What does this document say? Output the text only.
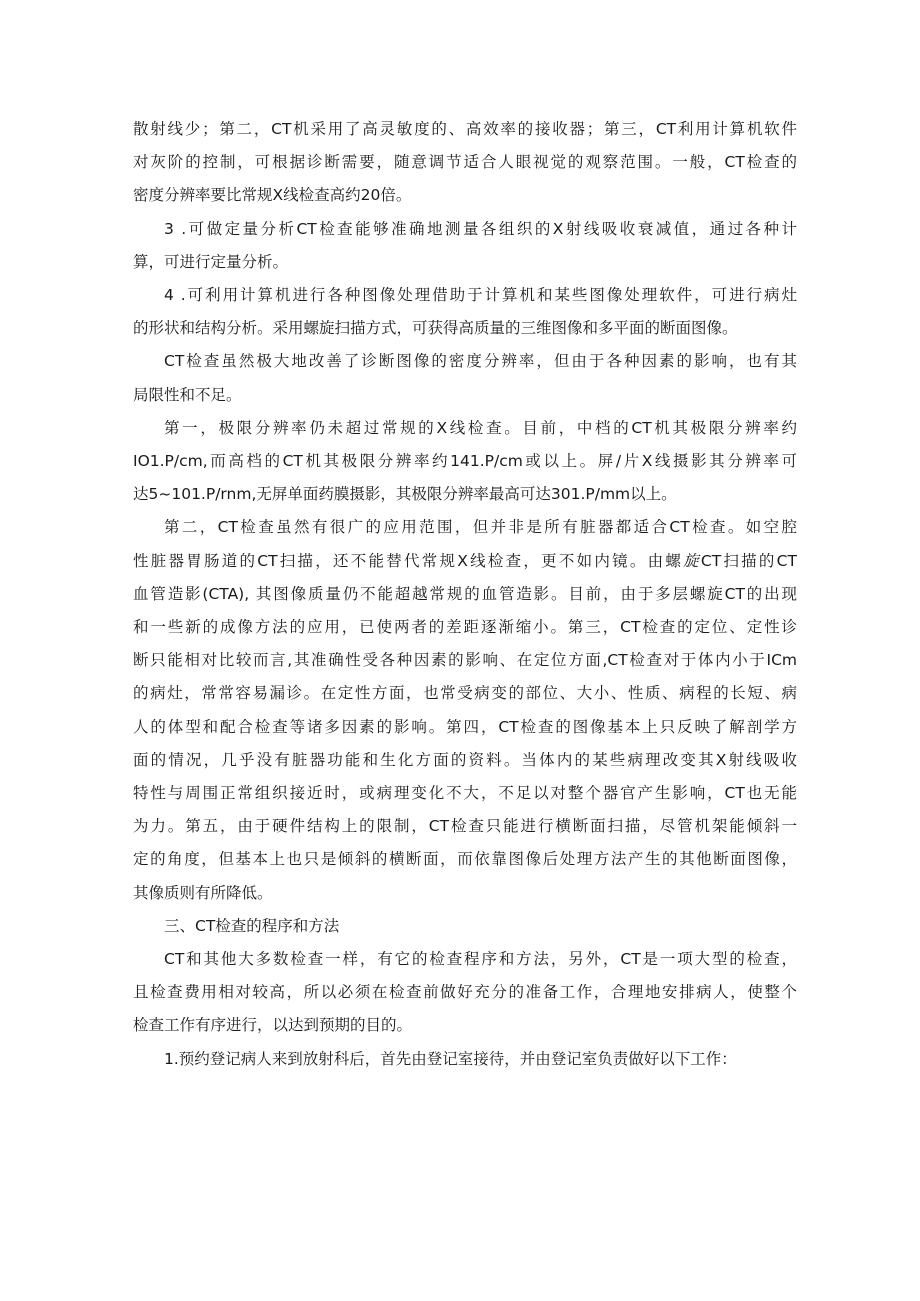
散射线少；第二，CT机采用了高灵敏度的、高效率的接收器；第三，CT利用计算机软件
对灰阶的控制，可根据诊断需要，随意调节适合人眼视觉的观察范围。一般，CT检查的
密度分辨率要比常规X线检查高约20倍。

3 .可做定量分析CT检查能够准确地测量各组织的X射线吸收衰减值，通过各种计
算，可进行定量分析。

4 .可利用计算机进行各种图像处理借助于计算机和某些图像处理软件，可进行病灶
的形状和结构分析。采用螺旋扫描方式，可获得高质量的三维图像和多平面的断面图像。

CT检查虽然极大地改善了诊断图像的密度分辨率，但由于各种因素的影响，也有其
局限性和不足。

第一，极限分辨率仍未超过常规的X线检查。目前，中档的CT机其极限分辨率约
IO1.P/cm,而高档的CT机其极限分辨率约141.P/cm或以上。屏/片X线摄影其分辨率可
达5~101.P/rnm,无屏单面药膜摄影，其极限分辨率最高可达301.P/mm以上。

第二，CT检查虽然有很广的应用范围，但并非是所有脏器都适合CT检查。如空腔
性脏器胃肠道的CT扫描，还不能替代常规X线检查，更不如内镜。由螺旋CT扫描的CT
血管造影(CTA), 其图像质量仍不能超越常规的血管造影。目前，由于多层螺旋CT的出现
和一些新的成像方法的应用，已使两者的差距逐渐缩小。第三，CT检查的定位、定性诊
断只能相对比较而言,其准确性受各种因素的影响、在定位方面,CT检查对于体内小于ICm
的病灶，常常容易漏诊。在定性方面，也常受病变的部位、大小、性质、病程的长短、病
人的体型和配合检查等诸多因素的影响。第四，CT检查的图像基本上只反映了解剖学方
面的情况，几乎没有脏器功能和生化方面的资料。当体内的某些病理改变其X射线吸收
特性与周围正常组织接近时，或病理变化不大，不足以对整个器官产生影响，CT也无能
为力。第五，由于硬件结构上的限制，CT检查只能进行横断面扫描，尽管机架能倾斜一
定的角度，但基本上也只是倾斜的横断面，而依靠图像后处理方法产生的其他断面图像，
其像质则有所降低。

三、CT检查的程序和方法

CT和其他大多数检查一样，有它的检查程序和方法，另外，CT是一项大型的检查，
且检查费用相对较高，所以必须在检查前做好充分的准备工作，合理地安排病人，使整个
检查工作有序进行，以达到预期的目的。

1.预约登记病人来到放射科后，首先由登记室接待，并由登记室负责做好以下工作：
